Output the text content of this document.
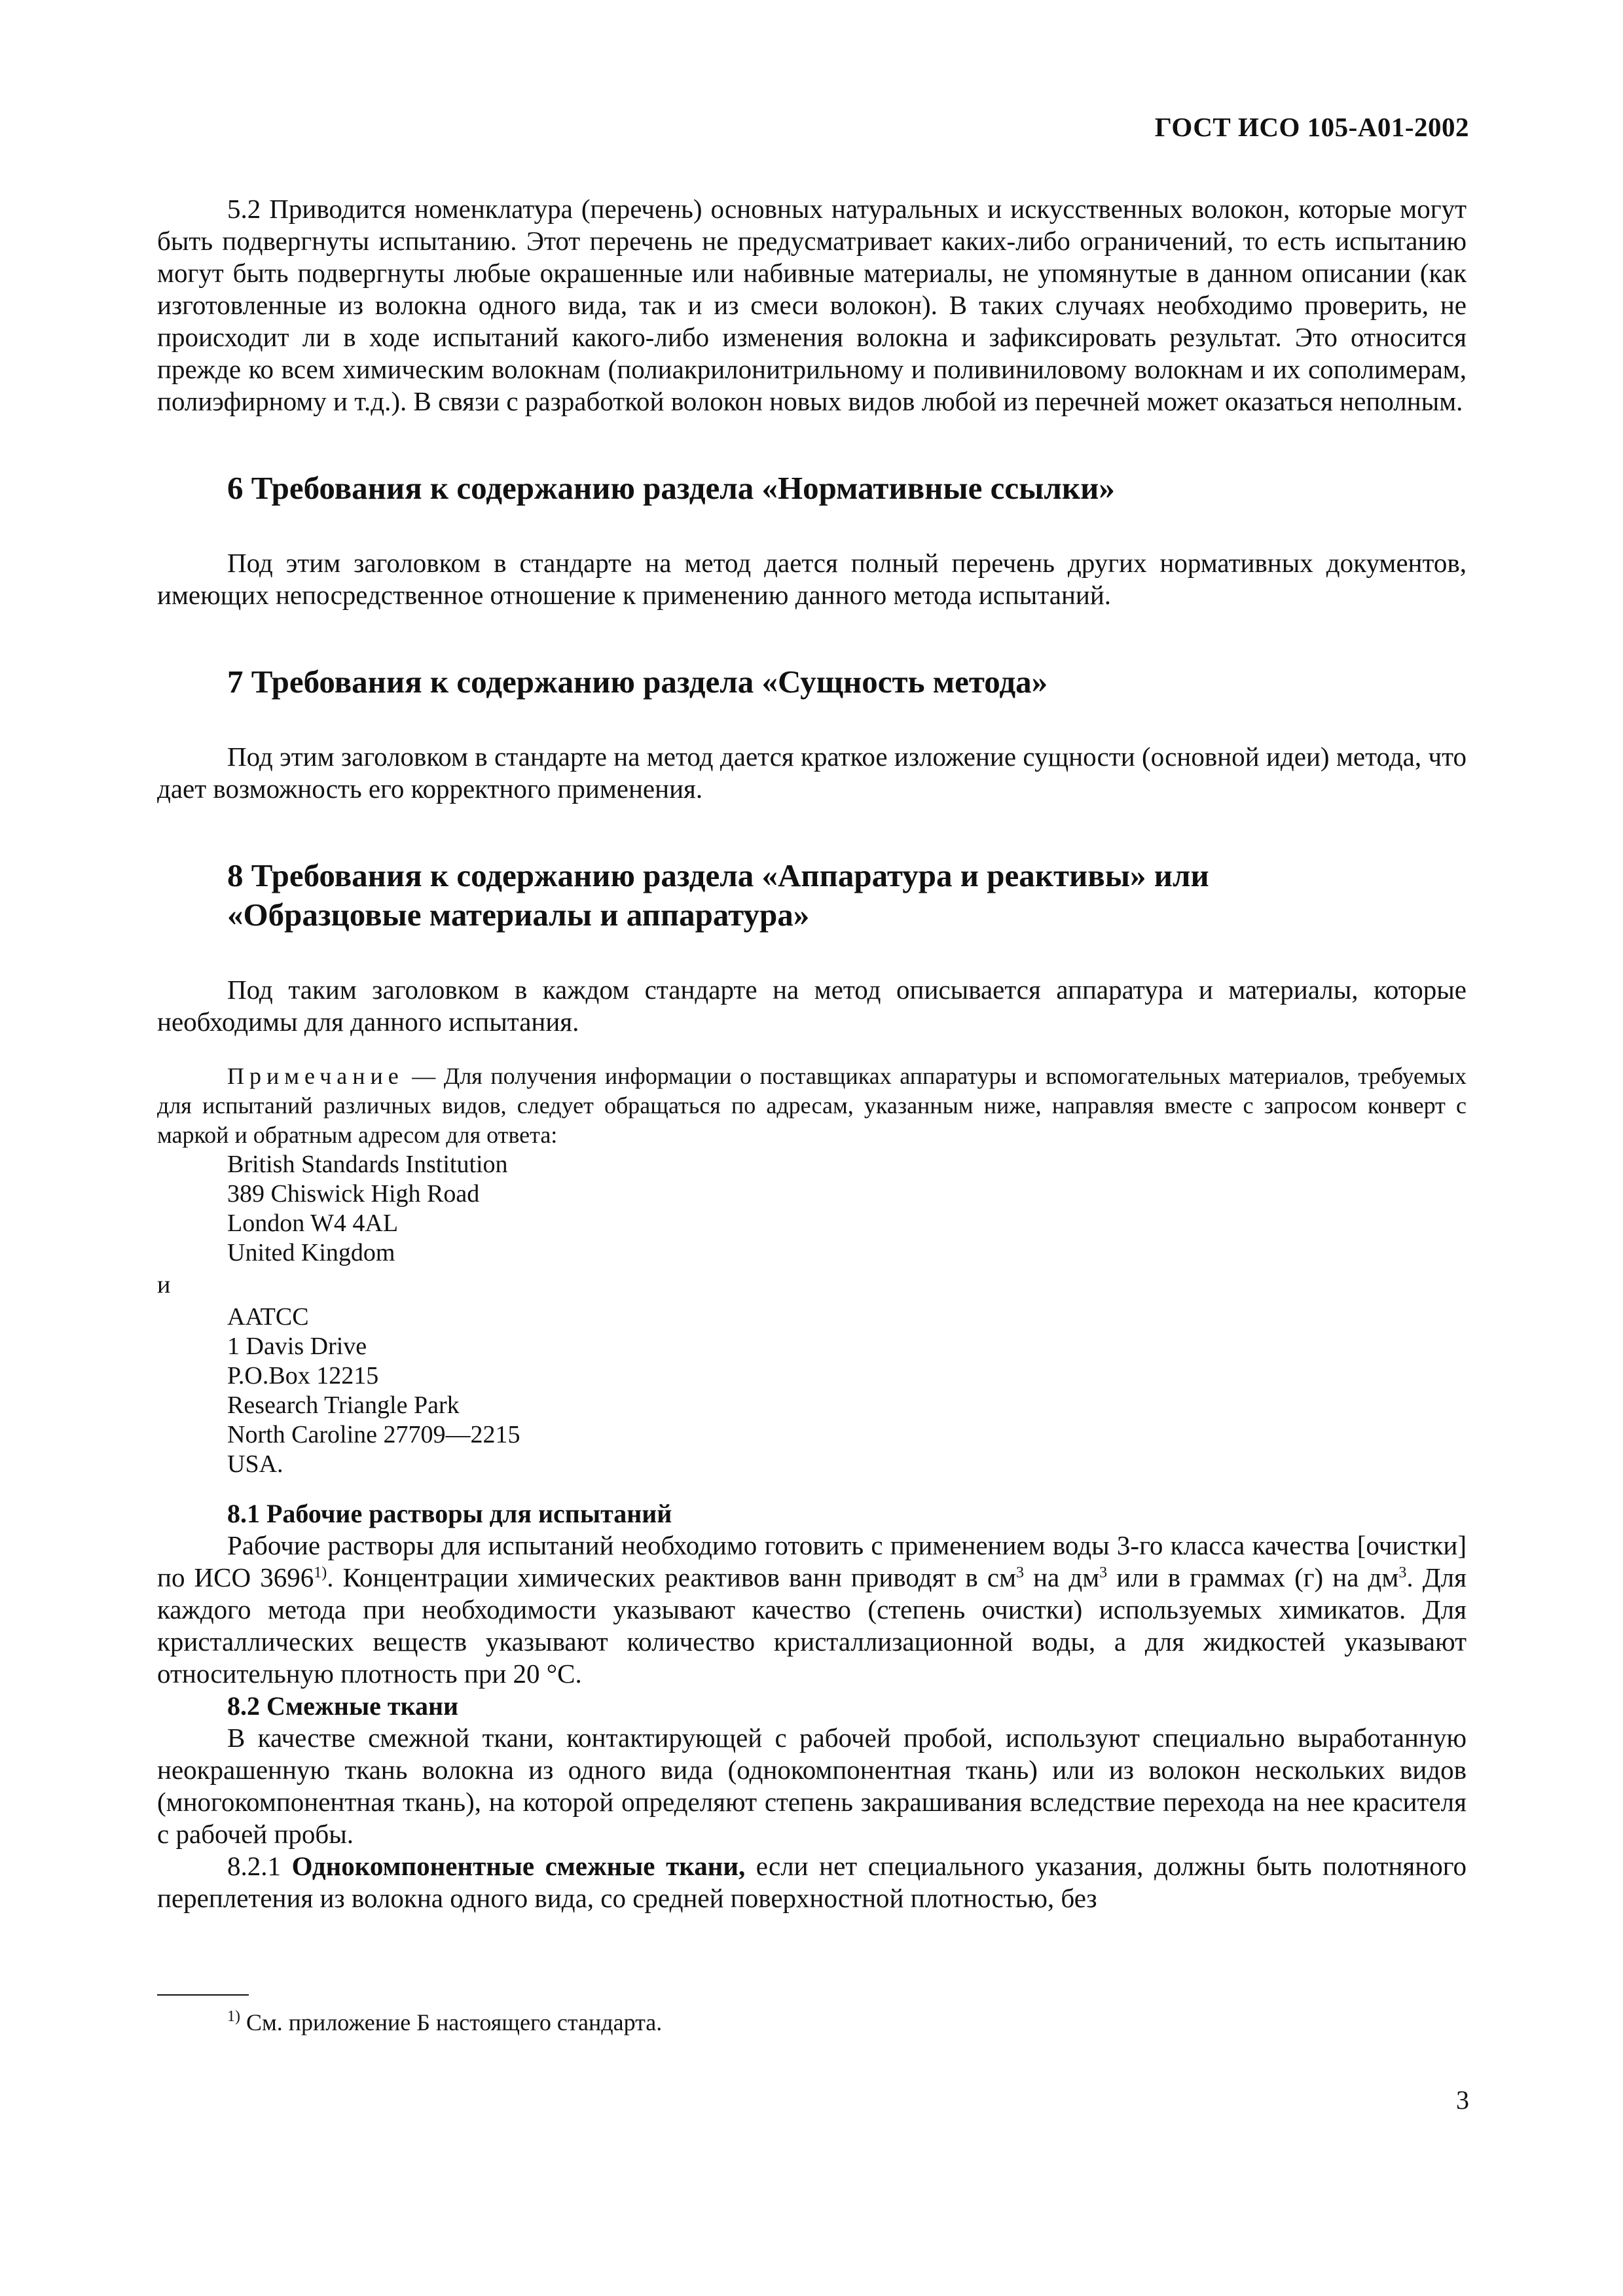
ГОСТ ИСО 105-А01-2002

5.2 Приводится номенклатура (перечень) основных натуральных и искусственных волокон, которые могут быть подвергнуты испытанию. Этот перечень не предусматривает каких-либо ограничений, то есть испытанию могут быть подвергнуты любые окрашенные или набивные материалы, не упомянутые в данном описании (как изготовленные из волокна одного вида, так и из смеси волокон). В таких случаях необходимо проверить, не происходит ли в ходе испытаний какого-либо изменения волокна и зафиксировать результат. Это относится прежде ко всем химическим волокнам (полиакрилонитрильному и поливиниловому волокнам и их сополимерам, полиэфирному и т.д.). В связи с разработкой волокон новых видов любой из перечней может оказаться неполным.

6 Требования к содержанию раздела «Нормативные ссылки»

Под этим заголовком в стандарте на метод дается полный перечень других нормативных документов, имеющих непосредственное отношение к применению данного метода испытаний.

7 Требования к содержанию раздела «Сущность метода»

Под этим заголовком в стандарте на метод дается краткое изложение сущности (основной идеи) метода, что дает возможность его корректного применения.

8 Требования к содержанию раздела «Аппаратура и реактивы» или
«Образцовые материалы и аппаратура»

Под таким заголовком в каждом стандарте на метод описывается аппаратура и материалы, которые необходимы для данного испытания.

Примечание — Для получения информации о поставщиках аппаратуры и вспомогательных материалов, требуемых для испытаний различных видов, следует обращаться по адресам, указанным ниже, направляя вместе с запросом конверт с маркой и обратным адресом для ответа:

British Standards Institution
389 Chiswick High Road
London W4 4AL
United Kingdom
и
AATCC
1 Davis Drive
P.O.Box 12215
Research Triangle Park
North Caroline 27709—2215
USA.
8.1 Рабочие растворы для испытаний

Рабочие растворы для испытаний необходимо готовить с применением воды 3-го класса качества [очистки] по ИСО 3696$^{1)}$. Концентрации химических реактивов ванн приводят в $см^3$ на $дм^3$ или в граммах (г) на $дм^3$. Для каждого метода при необходимости указывают качество (степень очистки) используемых химикатов. Для кристаллических веществ указывают количество кристаллизационной воды, а для жидкостей указывают относительную плотность при 20 °С.

8.2 Смежные ткани

В качестве смежной ткани, контактирующей с рабочей пробой, используют специально выработанную неокрашенную ткань волокна из одного вида (однокомпонентная ткань) или из волокон нескольких видов (многокомпонентная ткань), на которой определяют степень закрашивания вследствие перехода на нее красителя с рабочей пробы.

8.2.1 Однокомпонентные смежные ткани, если нет специального указания, должны быть полотняного переплетения из волокна одного вида, со средней поверхностной плотностью, без

$^{1)}$ См. приложение Б настоящего стандарта.
3
